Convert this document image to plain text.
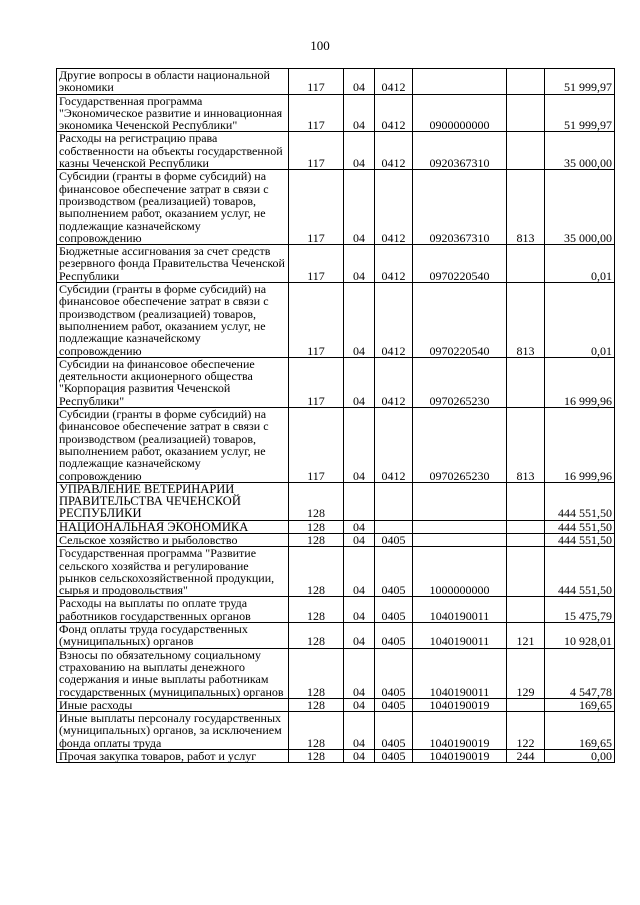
100
Другие вопросы в области национальной экономики	117	04	0412			51 999,97
Государственная программа "Экономическое развитие и инновационная экономика Чеченской Республики"	117	04	0412	0900000000		51 999,97
Расходы на регистрацию права собственности на объекты государственной казны Чеченской Республики	117	04	0412	0920367310		35 000,00
Субсидии (гранты в форме субсидий) на финансовое обеспечение затрат в связи с производством (реализацией) товаров, выполнением работ, оказанием услуг, не подлежащие казначейскому сопровождению	117	04	0412	0920367310	813	35 000,00
Бюджетные ассигнования за счет средств резервного фонда Правительства Чеченской Республики	117	04	0412	0970220540		0,01
Субсидии (гранты в форме субсидий) на финансовое обеспечение затрат в связи с производством (реализацией) товаров, выполнением работ, оказанием услуг, не подлежащие казначейскому сопровождению	117	04	0412	0970220540	813	0,01
Субсидии на финансовое обеспечение деятельности акционерного общества "Корпорация развития Чеченской Республики"	117	04	0412	0970265230		16 999,96
Субсидии (гранты в форме субсидий) на финансовое обеспечение затрат в связи с производством (реализацией) товаров, выполнением работ, оказанием услуг, не подлежащие казначейскому сопровождению	117	04	0412	0970265230	813	16 999,96
УПРАВЛЕНИЕ ВЕТЕРИНАРИИ ПРАВИТЕЛЬСТВА ЧЕЧЕНСКОЙ РЕСПУБЛИКИ	128					444 551,50
НАЦИОНАЛЬНАЯ ЭКОНОМИКА	128	04				444 551,50
Сельское хозяйство и рыболовство	128	04	0405			444 551,50
Государственная программа "Развитие сельского хозяйства и регулирование рынков сельскохозяйственной продукции, сырья и продовольствия"	128	04	0405	1000000000		444 551,50
Расходы на выплаты по оплате труда работников государственных органов	128	04	0405	1040190011		15 475,79
Фонд оплаты труда государственных (муниципальных) органов	128	04	0405	1040190011	121	10 928,01
Взносы по обязательному социальному страхованию на выплаты денежного содержания и иные выплаты работникам государственных (муниципальных) органов	128	04	0405	1040190011	129	4 547,78
Иные расходы	128	04	0405	1040190019		169,65
Иные выплаты персоналу государственных (муниципальных) органов, за исключением фонда оплаты труда	128	04	0405	1040190019	122	169,65
Прочая закупка товаров, работ и услуг	128	04	0405	1040190019	244	0,00
